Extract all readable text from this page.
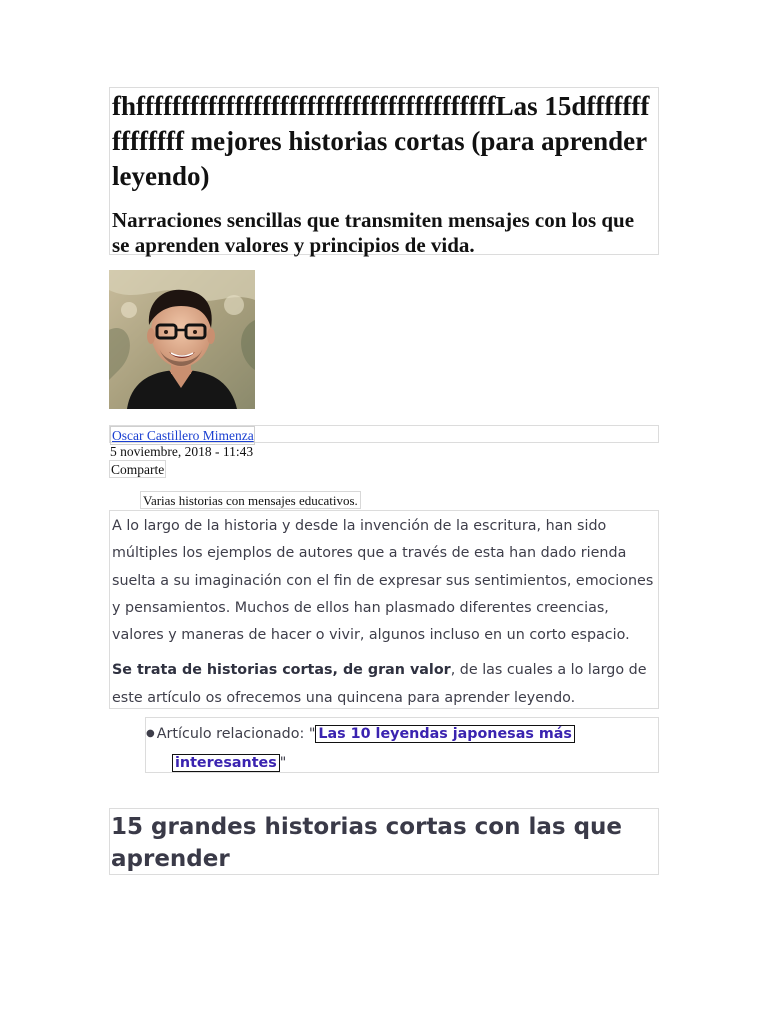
fhffffffffffffffffffffffffffffffffffffffffLas 15dfffffffffffffff mejores historias cortas (para aprender leyendo)
Narraciones sencillas que transmiten mensajes con los que se aprenden valores y principios de vida.
Oscar Castillero Mimenza
5 noviembre, 2018 - 11:43
Comparte
Varias historias con mensajes educativos.

A lo largo de la historia y desde la invención de la escritura, han sido múltiples los ejemplos de autores que a través de esta han dado rienda suelta a su imaginación con el fin de expresar sus sentimientos, emociones y pensamientos. Muchos de ellos han plasmado diferentes creencias, valores y maneras de hacer o vivir, algunos incluso en un corto espacio.

Se trata de historias cortas, de gran valor, de las cuales a lo largo de este artículo os ofrecemos una quincena para aprender leyendo.

● Artículo relacionado: " Las 10 leyendas japonesas más

interesantes "

15 grandes historias cortas con las que aprender
